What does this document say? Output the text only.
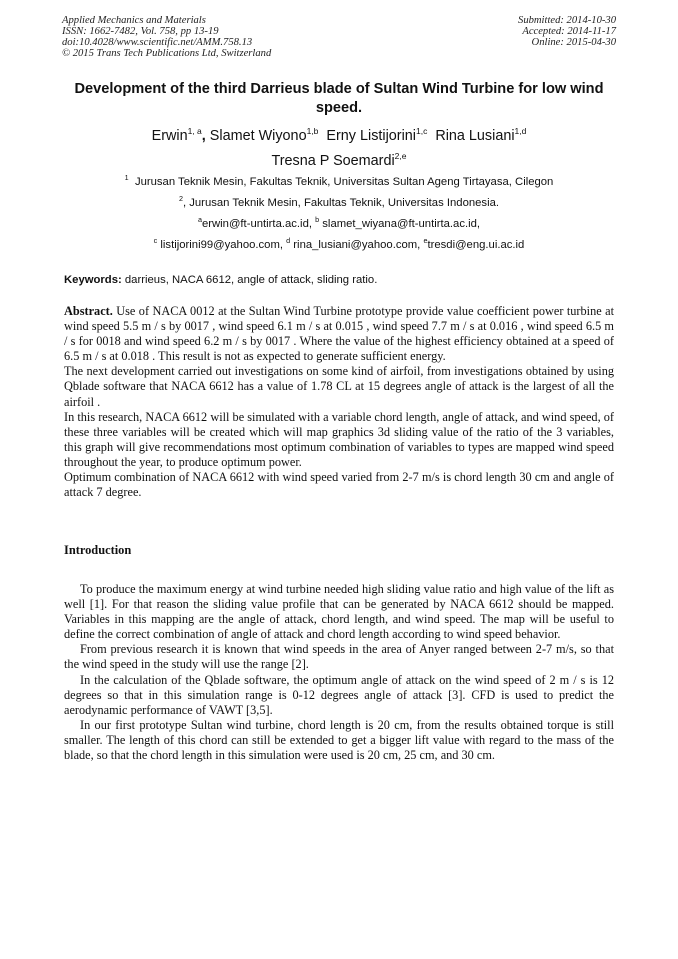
Applied Mechanics and Materials
ISSN: 1662-7482, Vol. 758, pp 13-19
doi:10.4028/www.scientific.net/AMM.758.13
© 2015 Trans Tech Publications Ltd, Switzerland
Submitted: 2014-10-30
Accepted: 2014-11-17
Online: 2015-04-30
Development of the third Darrieus blade of Sultan Wind Turbine for low wind speed.
Erwin$^{1, a}$, Slamet Wiyono$^{1,b}$ Erny Listijorini$^{1,c}$ Rina Lusiani$^{1,d}$
Tresna P Soemardi$^{2,e}$
$^1$ Jurusan Teknik Mesin, Fakultas Teknik, Universitas Sultan Ageng Tirtayasa, Cilegon
$^2$, Jurusan Teknik Mesin, Fakultas Teknik, Universitas Indonesia.
$^a$erwin@ft-untirta.ac.id, $^b$ slamet_wiyana@ft-untirta.ac.id,
$^c$ listijorini99@yahoo.com, $^d$ rina_lusiani@yahoo.com, $^e$tresdi@eng.ui.ac.id
Keywords: darrieus, NACA 6612, angle of attack, sliding ratio.

Abstract. Use of NACA 0012 at the Sultan Wind Turbine prototype provide value coefficient power turbine at wind speed 5.5 m / s by 0017 , wind speed 6.1 m / s at 0.015 , wind speed 7.7 m / s at 0.016 , wind speed 6.5 m / s for 0018 and wind speed 6.2 m / s by 0017 . Where the value of the highest efficiency obtained at a speed of 6.5 m / s at 0.018 . This result is not as expected to generate sufficient energy.

The next development carried out investigations on some kind of airfoil, from investigations obtained by using Qblade software that NACA 6612 has a value of 1.78 CL at 15 degrees angle of attack is the largest of all the airfoil .

In this research, NACA 6612 will be simulated with a variable chord length, angle of attack, and wind speed, of these three variables will be created which will map graphics 3d sliding value of the ratio of the 3 variables, this graph will give recommendations most optimum combination of variables to types are mapped wind speed throughout the year, to produce optimum power.

Optimum combination of NACA 6612 with wind speed varied from 2-7 m/s is chord length 30 cm and angle of attack 7 degree.

Introduction

To produce the maximum energy at wind turbine needed high sliding value ratio and high value of the lift as well [1]. For that reason the sliding value profile that can be generated by NACA 6612 should be mapped. Variables in this mapping are the angle of attack, chord length, and wind speed. The map will be useful to define the correct combination of angle of attack and chord length according to wind speed behavior.

From previous research it is known that wind speeds in the area of Anyer ranged between 2-7 m/s, so that the wind speed in the study will use the range [2].

In the calculation of the Qblade software, the optimum angle of attack on the wind speed of 2 m / s is 12 degrees so that in this simulation range is 0-12 degrees angle of attack [3]. CFD is used to predict the aerodynamic performance of VAWT [3,5].

In our first prototype Sultan wind turbine, chord length is 20 cm, from the results obtained torque is still smaller. The length of this chord can still be extended to get a bigger lift value with regard to the mass of the blade, so that the chord length in this simulation were used is 20 cm, 25 cm, and 30 cm.
